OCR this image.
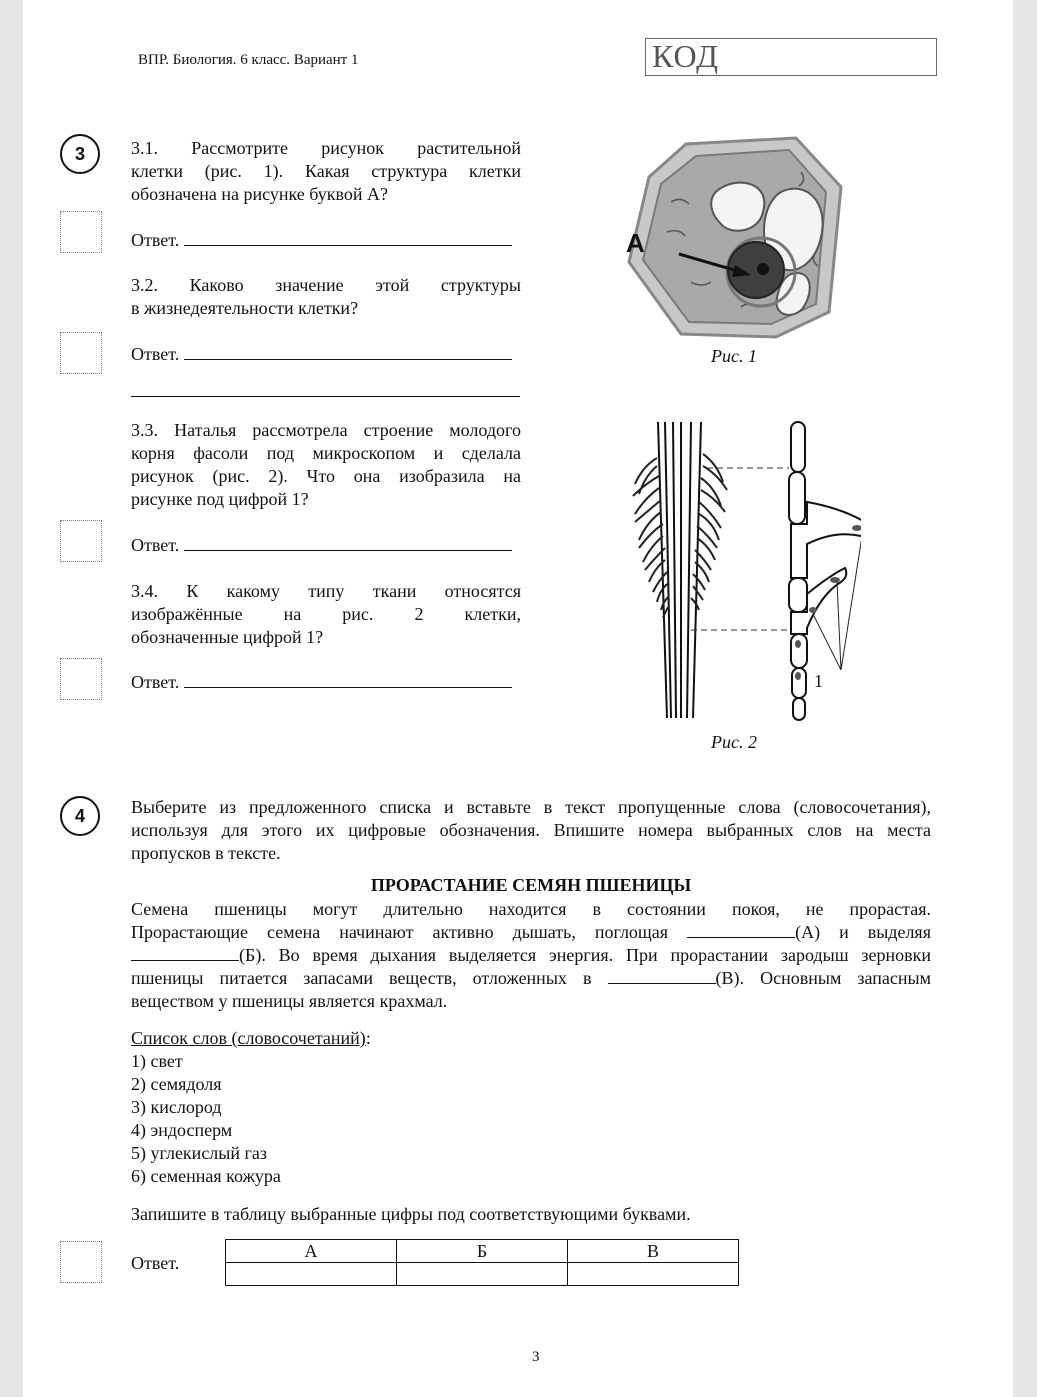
ВПР. Биология. 6 класс. Вариант 1	КОД
3	3.1. Рассмотрите рисунок растительной
клетки (рис. 1). Какая структура клетки
обозначена на рисунке буквой А?
Ответ.
3.2. Каково значение этой структуры
в жизнедеятельности клетки?
Ответ.
3.3. Наталья рассмотрела строение молодого
корня фасоли под микроскопом и сделала
рисунок (рис. 2). Что она изобразила на
рисунке под цифрой 1?
Ответ.
3.4. К какому типу ткани относятся
изображённые на рис. 2 клетки,
обозначенные цифрой 1?
Ответ.
А
Рис. 1
1
Рис. 2
4	Выберите из предложенного списка и вставьте в текст пропущенные слова (словосочетания),
используя для этого их цифровые обозначения. Впишите номера выбранных слов на места
пропусков в тексте.
ПРОРАСТАНИЕ СЕМЯН ПШЕНИЦЫ
Семена пшеницы могут длительно находится в состоянии покоя, не прорастая.
Прорастающие семена начинают активно дышать, поглощая	(А) и выделяя
(Б). Во время дыхания выделяется энергия. При прорастании зародыш зерновки
пшеницы питается запасами веществ, отложенных в	(В). Основным запасным
веществом у пшеницы является крахмал.
Список слов (словосочетаний):
1) свет
2) семядоля
3) кислород
4) эндосперм
5) углекислый газ
6) семенная кожура
Запишите в таблицу выбранные цифры под соответствующими буквами.
Ответ.
А	Б	В

3
